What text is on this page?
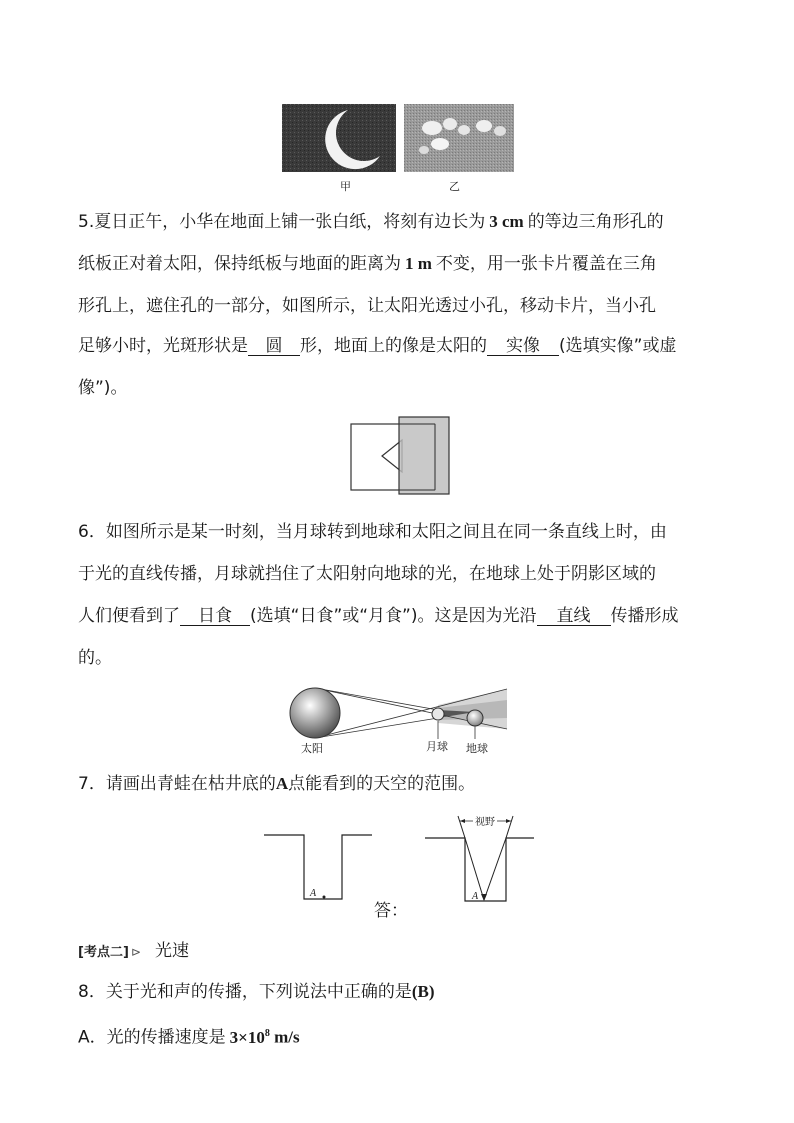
甲	乙
5.夏日正午，小华在地面上铺一张白纸，将刻有边长为 3 cm 的等边三角形孔的
纸板正对着太阳，保持纸板与地面的距离为 1 m 不变，用一张卡片覆盖在三角
形孔上，遮住孔的一部分，如图所示，让太阳光透过小孔，移动卡片，当小孔
足够小时，光斑形状是 圆 形，地面上的像是太阳的 实像 (选填实像”或虚
像”)。
6．如图所示是某一时刻，当月球转到地球和太阳之间且在同一条直线上时，由
于光的直线传播，月球就挡住了太阳射向地球的光，在地球上处于阴影区域的
人们便看到了 日食 (选填“日食”或“月食”)。这是因为光沿 直线 传播形成
的。
太阳	月球 地球
7．请画出青蛙在枯井底的A点能看到的天空的范围。
A
视野
A
答：
[考点二] ⊳ 光速
8．关于光和声的传播，下列说法中正确的是(B)
A．光的传播速度是 $3\times 10^8$ m/s
